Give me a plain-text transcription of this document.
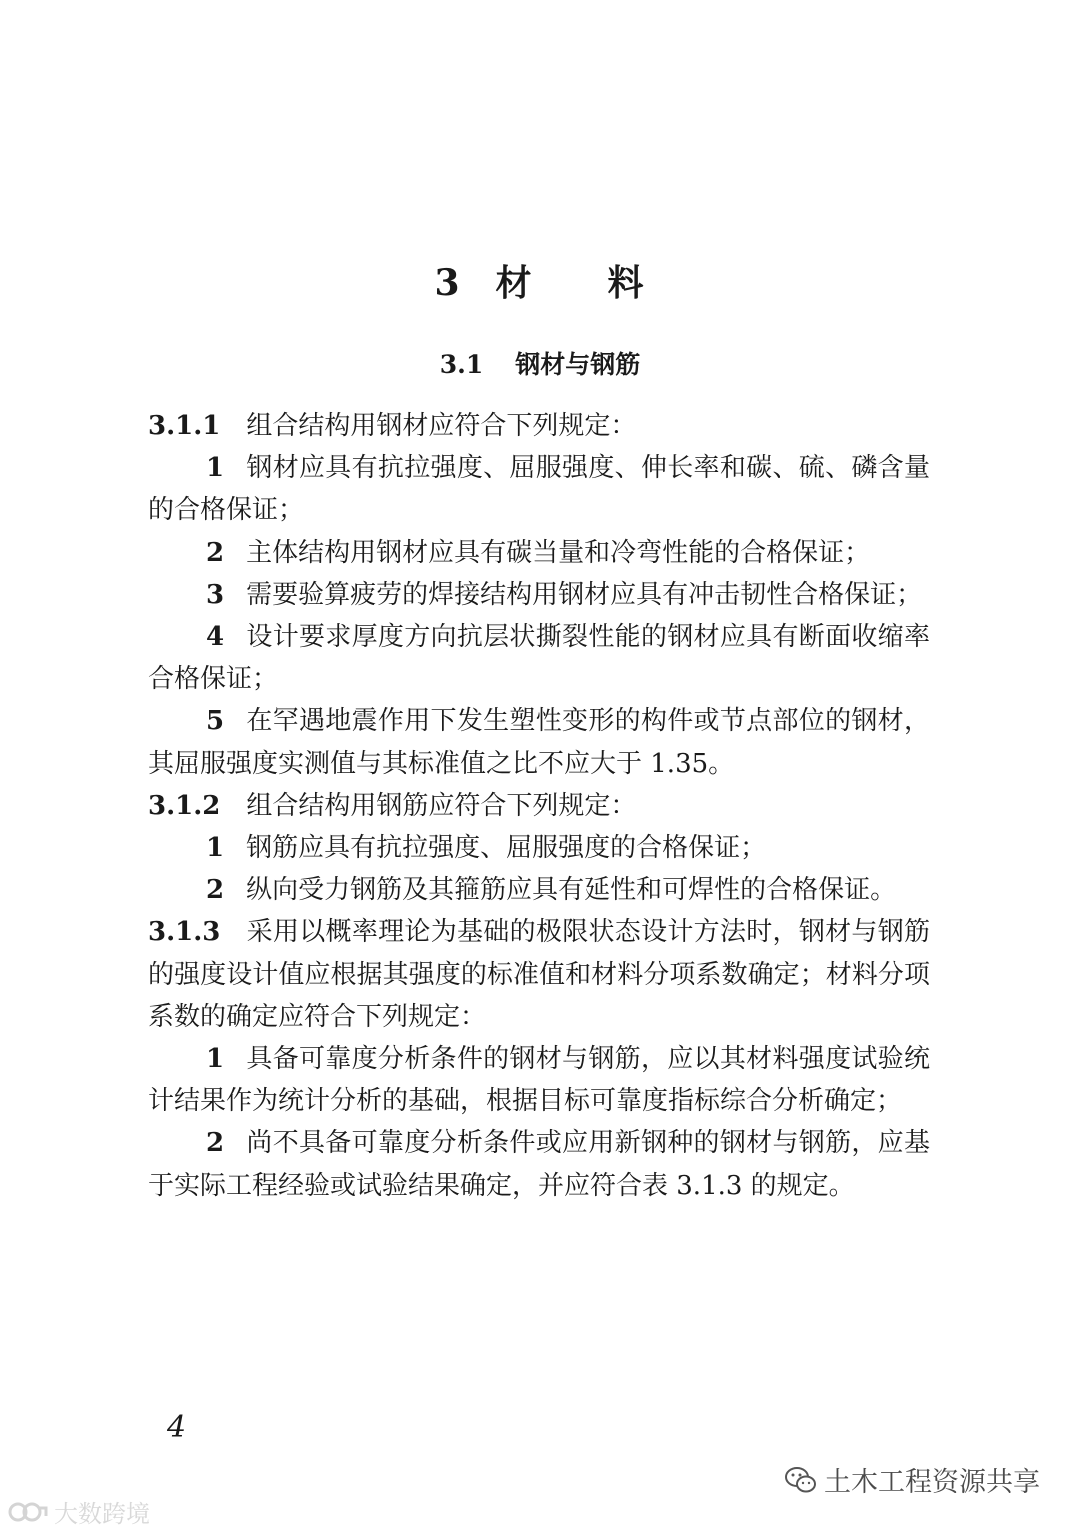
3 材 料
3.1 钢材与钢筋

3.1.1 组合结构用钢材应符合下列规定：

1 钢材应具有抗拉强度、屈服强度、伸长率和碳、硫、磷含量的合格保证；

2 主体结构用钢材应具有碳当量和冷弯性能的合格保证；

3 需要验算疲劳的焊接结构用钢材应具有冲击韧性合格保证；

4 设计要求厚度方向抗层状撕裂性能的钢材应具有断面收缩率合格保证；

5 在罕遇地震作用下发生塑性变形的构件或节点部位的钢材，其屈服强度实测值与其标准值之比不应大于 1.35。

3.1.2 组合结构用钢筋应符合下列规定：

1 钢筋应具有抗拉强度、屈服强度的合格保证；

2 纵向受力钢筋及其箍筋应具有延性和可焊性的合格保证。

3.1.3 采用以概率理论为基础的极限状态设计方法时，钢材与钢筋的强度设计值应根据其强度的标准值和材料分项系数确定；材料分项系数的确定应符合下列规定：

1 具备可靠度分析条件的钢材与钢筋，应以其材料强度试验统计结果作为统计分析的基础，根据目标可靠度指标综合分析确定；

2 尚不具备可靠度分析条件或应用新钢种的钢材与钢筋，应基于实际工程经验或试验结果确定，并应符合表 3.1.3 的规定。

4
土木工程资源共享
大数跨境
